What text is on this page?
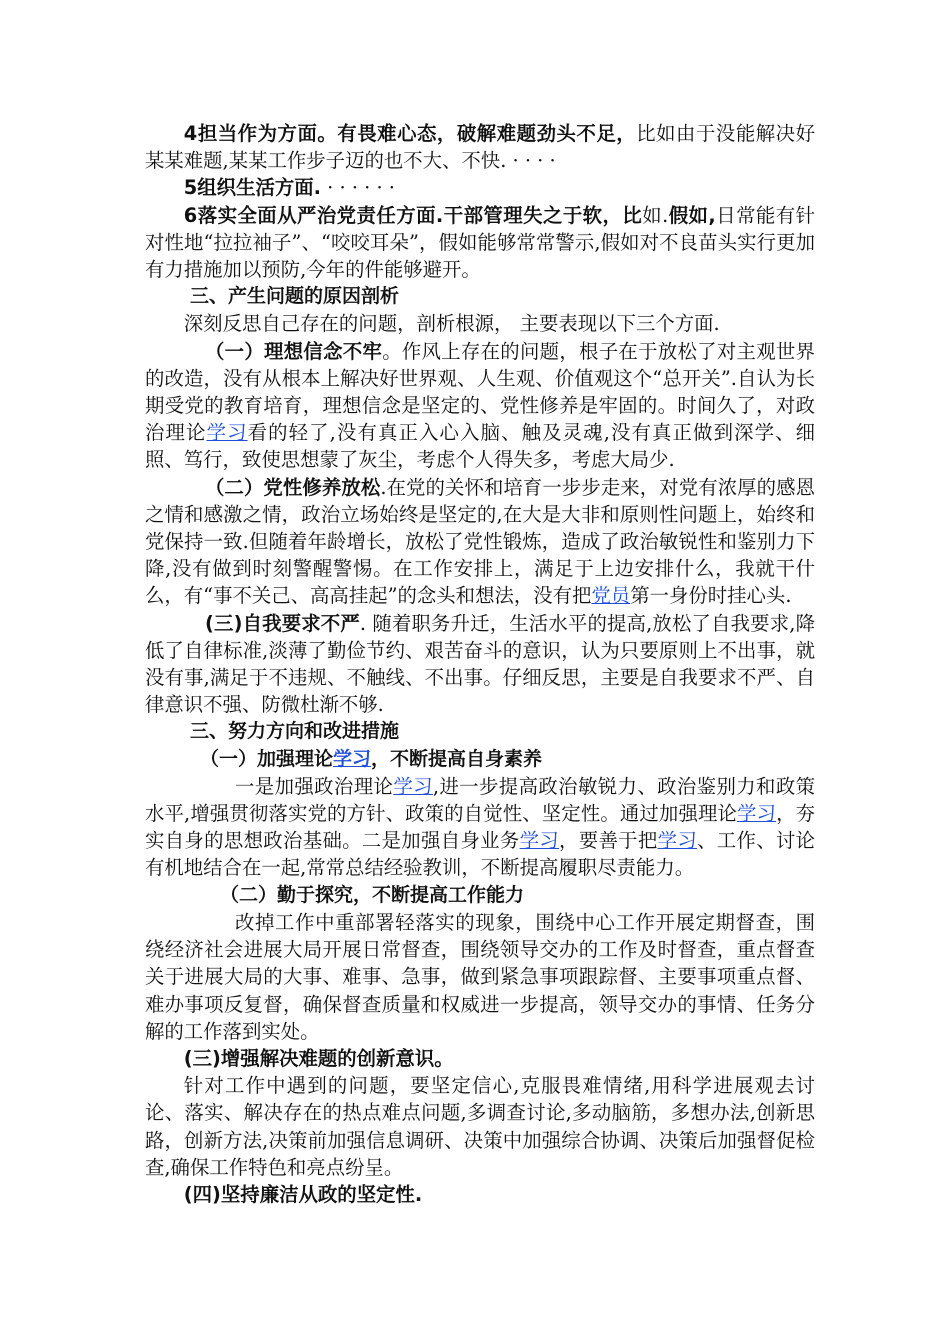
4担当作为方面。有畏难心态，破解难题劲头不足，比如由于没能解决好某某难题,某某工作步子迈的也不大、不快. · · · ·

5组织生活方面. · · · · · ·

6落实全面从严治党责任方面.干部管理失之于软，比如.假如,日常能有针对性地“拉拉袖子”、“咬咬耳朵”，假如能够常常警示,假如对不良苗头实行更加有力措施加以预防,今年的件能够避开。

三、产生问题的原因剖析

深刻反思自己存在的问题，剖析根源， 主要表现以下三个方面.

（一）理想信念不牢。作风上存在的问题，根子在于放松了对主观世界的改造，没有从根本上解决好世界观、人生观、价值观这个“总开关”.自认为长期受党的教育培育，理想信念是坚定的、党性修养是牢固的。时间久了，对政治理论学习看的轻了,没有真正入心入脑、触及灵魂,没有真正做到深学、细照、笃行，致使思想蒙了灰尘，考虑个人得失多，考虑大局少.

（二）党性修养放松.在党的关怀和培育一步步走来，对党有浓厚的感恩之情和感激之情，政治立场始终是坚定的,在大是大非和原则性问题上，始终和党保持一致.但随着年龄增长，放松了党性锻炼，造成了政治敏锐性和鉴别力下降,没有做到时刻警醒警惕。在工作安排上，满足于上边安排什么，我就干什么，有“事不关己、高高挂起”的念头和想法，没有把党员第一身份时挂心头.

(三)自我要求不严. 随着职务升迁，生活水平的提高,放松了自我要求,降低了自律标准,淡薄了勤俭节约、艰苦奋斗的意识，认为只要原则上不出事，就没有事,满足于不违规、不触线、不出事。仔细反思，主要是自我要求不严、自律意识不强、防微杜渐不够.

三、努力方向和改进措施

（一）加强理论学习，不断提高自身素养

一是加强政治理论学习,进一步提高政治敏锐力、政治鉴别力和政策水平,增强贯彻落实党的方针、政策的自觉性、坚定性。通过加强理论学习，夯实自身的思想政治基础。二是加强自身业务学习，要善于把学习、工作、讨论有机地结合在一起,常常总结经验教训，不断提高履职尽责能力。

（二）勤于探究，不断提高工作能力

改掉工作中重部署轻落实的现象，围绕中心工作开展定期督查，围绕经济社会进展大局开展日常督查，围绕领导交办的工作及时督查，重点督查关于进展大局的大事、难事、急事，做到紧急事项跟踪督、主要事项重点督、难办事项反复督，确保督查质量和权威进一步提高，领导交办的事情、任务分解的工作落到实处。

(三)增强解决难题的创新意识。

针对工作中遇到的问题，要坚定信心,克服畏难情绪,用科学进展观去讨论、落实、解决存在的热点难点问题,多调查讨论,多动脑筋，多想办法,创新思路，创新方法,决策前加强信息调研、决策中加强综合协调、决策后加强督促检查,确保工作特色和亮点纷呈。

(四)坚持廉洁从政的坚定性.
